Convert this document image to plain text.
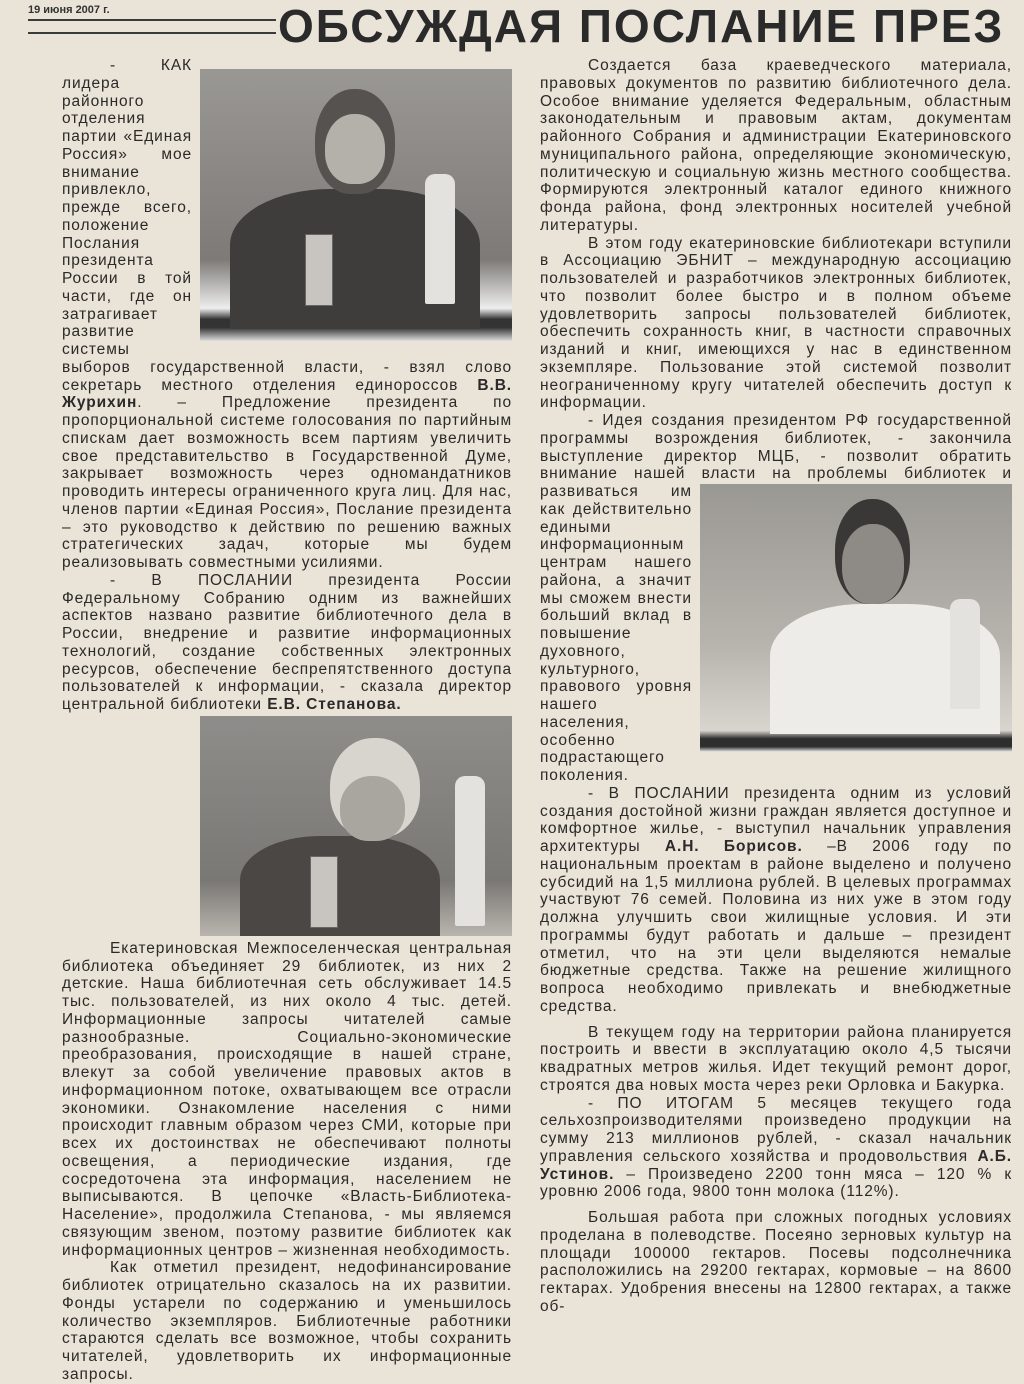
19 июня 2007 г.	ОБСУЖДАЯ ПОСЛАНИЕ ПРЕЗ

- КАК лидера районного отделения партии «Единая Россия» мое внимание привлекло, прежде всего, положение Послания президента России в той части, где он затрагивает развитие системы выборов государственной власти, - взял слово секретарь местного отделения единороссов В.В. Журихин. – Предложение президента по пропорциональной системе голосования по партийным спискам дает возможность всем партиям увеличить свое представительство в Государственной Думе, закрывает возможность через одномандатников проводить интересы ограниченного круга лиц. Для нас, членов партии «Единая Россия», Послание президента – это руководство к действию по решению важных стратегических задач, которые мы будем реализовывать совместными усилиями.

- В ПОСЛАНИИ президента России Федеральному Собранию одним из важнейших аспектов названо развитие библиотечного дела в России, внедрение и развитие информационных технологий, создание собственных электронных ресурсов, обеспечение беспрепятственного доступа пользователей к информации, - сказала директор центральной библиотеки Е.В. Степанова.

Екатериновская Межпоселенческая центральная библиотека объединяет 29 библиотек, из них 2 детские. Наша библиотечная сеть обслуживает 14.5 тыс. пользователей, из них около 4 тыс. детей. Информационные запросы читателей самые разнообразные. Социально-экономические преобразования, происходящие в нашей стране, влекут за собой увеличение правовых актов в информационном потоке, охватывающем все отрасли экономики. Ознакомление населения с ними происходит главным образом через СМИ, которые при всех их достоинствах не обеспечивают полноты освещения, а периодические издания, где сосредоточена эта информация, населением не выписываются. В цепочке «Власть-Библиотека-Население», продолжила Степанова, - мы являемся связующим звеном, поэтому развитие библиотек как информационных центров – жизненная необходимость.

Как отметил президент, недофинансирование библиотек отрицательно сказалось на их развитии. Фонды устарели по содержанию и уменьшилось количество экземпляров. Библиотечные работники стараются сделать все возможное, чтобы сохранить читателей, удовлетворить их информационные запросы.

Создается база краеведческого материала, правовых документов по развитию библиотечного дела. Особое внимание уделяется Федеральным, областным законодательным и правовым актам, документам районного Собрания и администрации Екатериновского муниципального района, определяющие экономическую, политическую и социальную жизнь местного сообщества. Формируются электронный каталог единого книжного фонда района, фонд электронных носителей учебной литературы.

В этом году екатериновские библиотекари вступили в Ассоциацию ЭБНИТ – международную ассоциацию пользователей и разработчиков электронных библиотек, что позволит более быстро и в полном объеме удовлетворить запросы пользователей библиотек, обеспечить сохранность книг, в частности справочных изданий и книг, имеющихся у нас в единственном экземпляре. Пользование этой системой позволит неограниченному кругу читателей обеспечить доступ к информации.

- Идея создания президентом РФ государственной программы возрождения библиотек, - закончила выступление директор МЦБ, - позволит обратить внимание нашей власти на проблемы библиотек и развиваться им как действительно едиными информационным центрам нашего района, а значит мы сможем внести больший вклад в повышение духовного, культурного, правового уровня нашего населения, особенно подрастающего поколения.

- В ПОСЛАНИИ президента одним из условий создания достойной жизни граждан является доступное и комфортное жилье, - выступил начальник управления архитектуры А.Н. Борисов. –В 2006 году по национальным проектам в районе выделено и получено субсидий на 1,5 миллиона рублей. В целевых программах участвуют 76 семей. Половина из них уже в этом году должна улучшить свои жилищные условия. И эти программы будут работать и дальше – президент отметил, что на эти цели выделяются немалые бюджетные средства. Также на решение жилищного вопроса необходимо привлекать и внебюджетные средства.

В текущем году на территории района планируется построить и ввести в эксплуатацию около 4,5 тысячи квадратных метров жилья. Идет текущий ремонт дорог, строятся два новых моста через реки Орловка и Бакурка.

- ПО ИТОГАМ 5 месяцев текущего года сельхозпроизводителями произведено продукции на сумму 213 миллионов рублей, - сказал начальник управления сельского хозяйства и продовольствия А.Б. Устинов. – Произведено 2200 тонн мяса – 120 % к уровню 2006 года, 9800 тонн молока (112%).

Большая работа при сложных погодных условиях проделана в полеводстве. Посеяно зерновых культур на площади 100000 гектаров. Посевы подсолнечника расположились на 29200 гектарах, кормовые – на 8600 гектарах. Удобрения внесены на 12800 гектарах, а также об-
